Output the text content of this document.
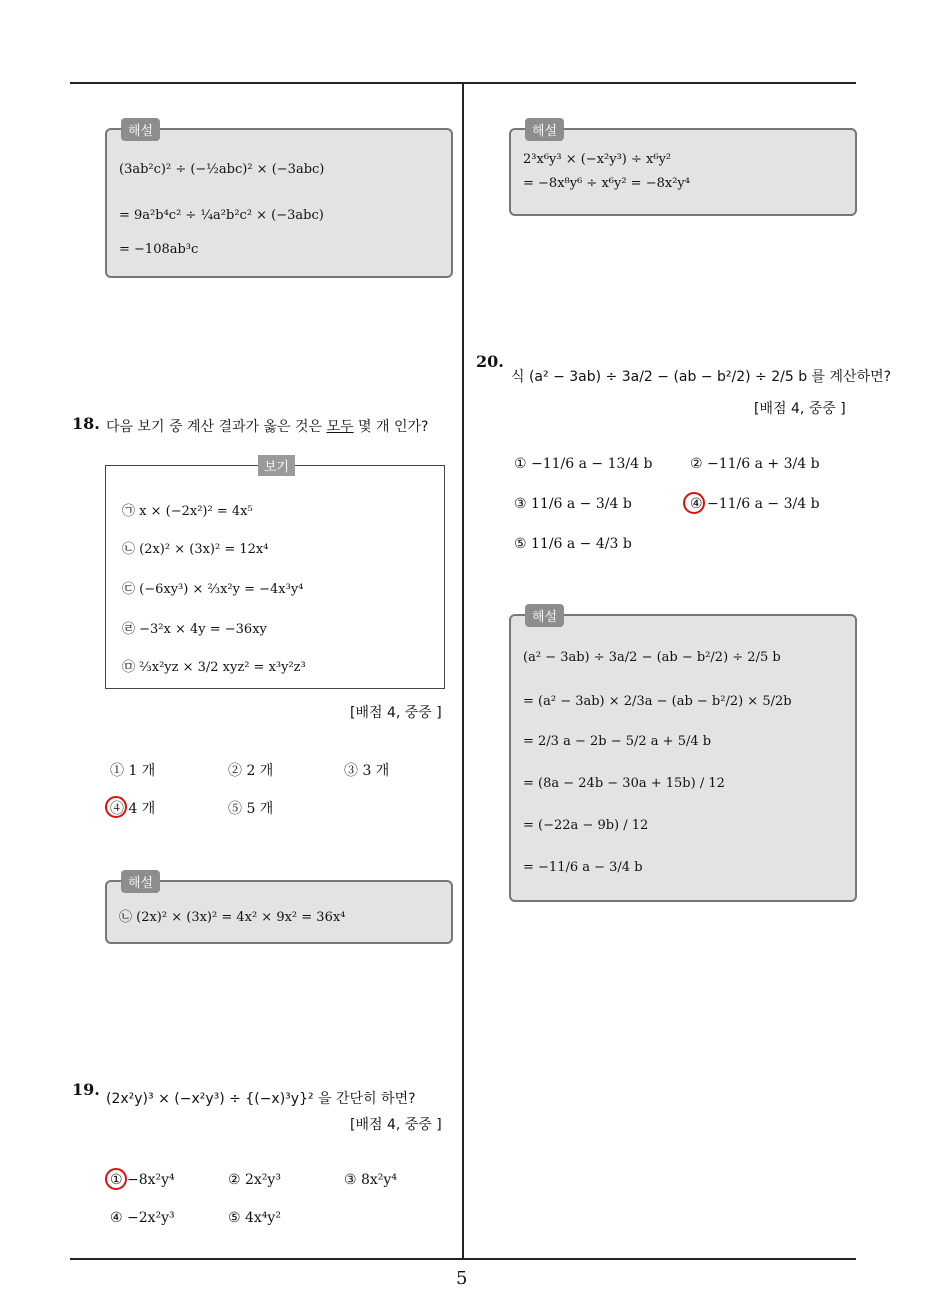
해설
(3ab²c)² ÷ (−½abc)² × (−3abc)
= 9a²b⁴c² ÷ ¼a²b²c² × (−3abc)
= −108ab³c
18. 다음 보기 중 계산 결과가 옳은 것은 모두 몇 개 인가?
보기
㉠ x × (−2x²)² = 4x⁵
㉡ (2x)² × (3x)² = 12x⁴
㉢ (−6xy³) × ⅔x²y = −4x³y⁴
㉣ −3²x × 4y = −36xy
㉤ ⅔x²yz × 3/2 xyz² = x³y²z³
[배점 4, 중중 ]
① 1 개	② 2 개	③ 3 개
④ 4 개	⑤ 5 개
해설
㉡ (2x)² × (3x)² = 4x² × 9x² = 36x⁴
19. (2x²y)³ × (−x²y³) ÷ {(−x)³y}² 을 간단히 하면?
[배점 4, 중중 ]
① −8x²y⁴	② 2x²y³	③ 8x²y⁴
④ −2x²y³	⑤ 4x⁴y²
해설
2³x⁶y³ × (−x²y³) ÷ x⁶y²
= −8x⁸y⁶ ÷ x⁶y² = −8x²y⁴
20.
식 (a² − 3ab) ÷ 3a/2 − (ab − b²/2) ÷ 2/5 b 를 계산하면?
[배점 4, 중중 ]
① −11/6 a − 13/4 b	② −11/6 a + 3/4 b
③ 11/6 a − 3/4 b	④ −11/6 a − 3/4 b
⑤ 11/6 a − 4/3 b
해설
(a² − 3ab) ÷ 3a/2 − (ab − b²/2) ÷ 2/5 b
= (a² − 3ab) × 2/3a − (ab − b²/2) × 5/2b
= 2/3 a − 2b − 5/2 a + 5/4 b
= (8a − 24b − 30a + 15b) / 12
= (−22a − 9b) / 12
= −11/6 a − 3/4 b
5
